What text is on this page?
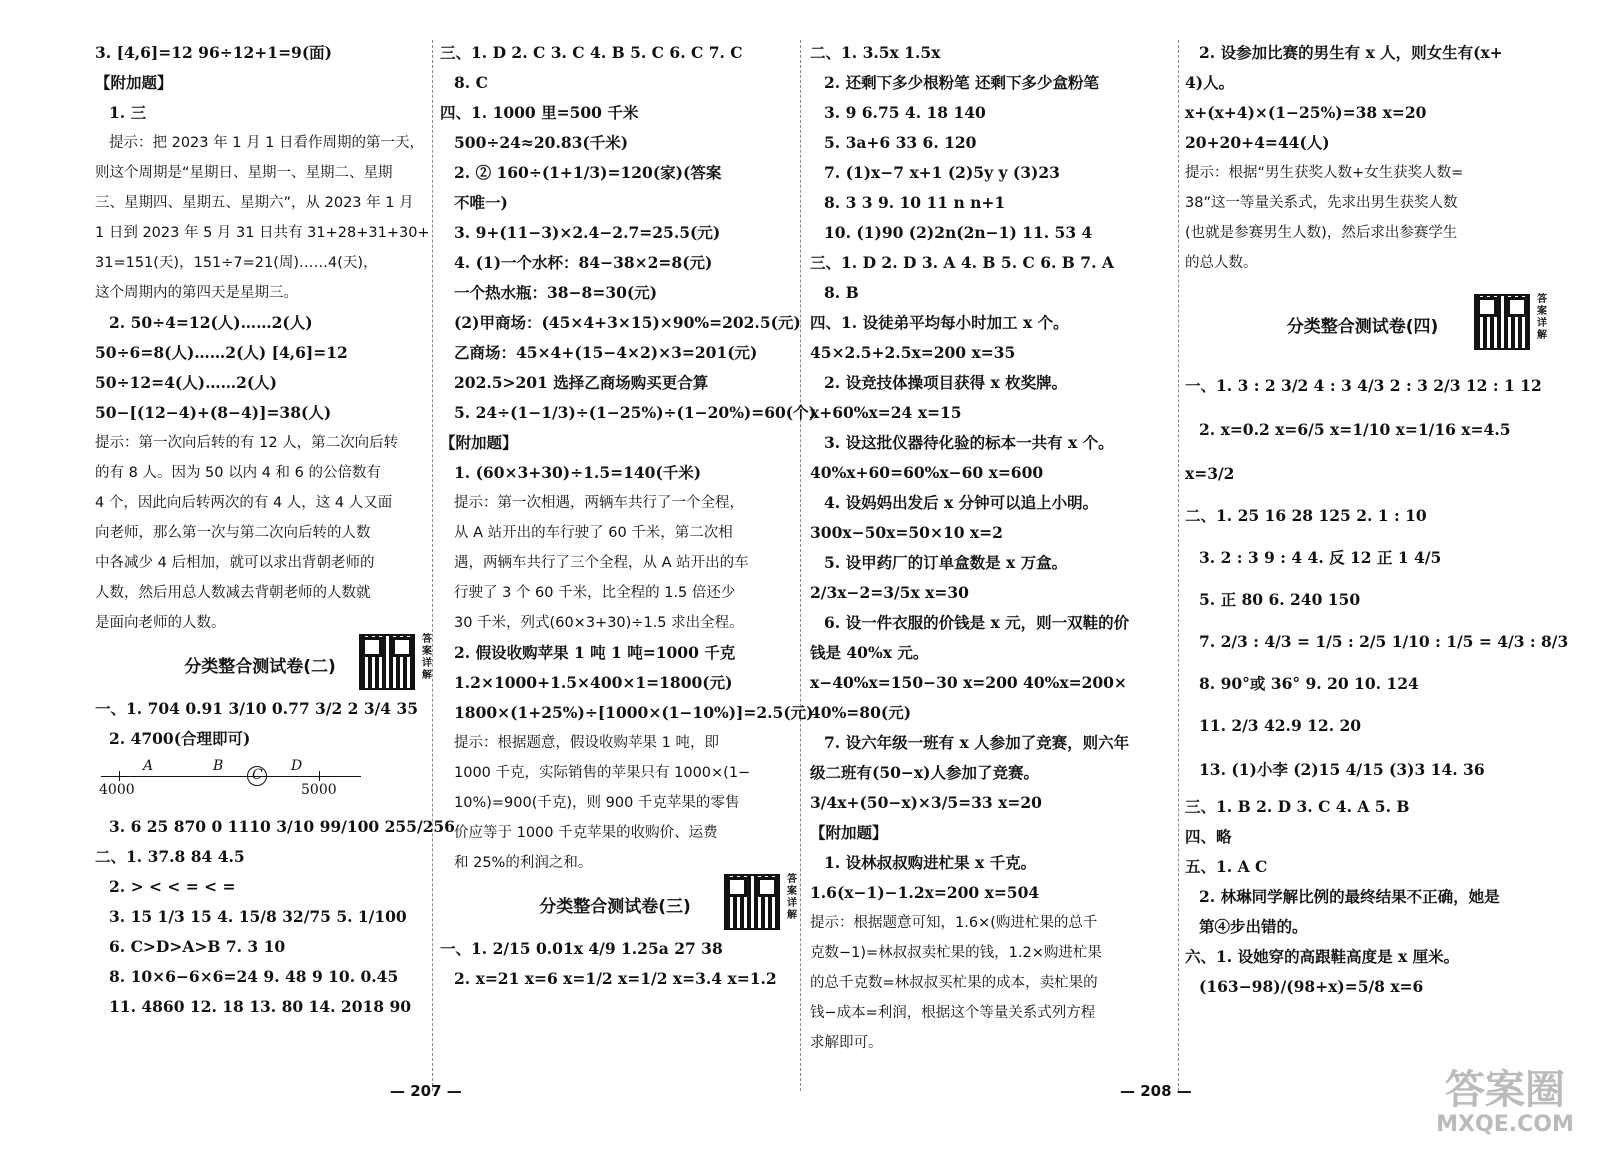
3. [4,6]=12 96÷12+1=9(面)
【附加题】
1. 三
提示：把 2023 年 1 月 1 日看作周期的第一天，
则这个周期是“星期日、星期一、星期二、星期
三、星期四、星期五、星期六”，从 2023 年 1 月
1 日到 2023 年 5 月 31 日共有 31+28+31+30+
31=151(天)，151÷7=21(周)……4(天)，
这个周期内的第四天是星期三。
2. 50÷4=12(人)……2(人)
50÷6=8(人)……2(人) [4,6]=12
50÷12=4(人)……2(人)
50−[(12−4)+(8−4)]=38(人)
提示：第一次向后转的有 12 人，第二次向后转
的有 8 人。因为 50 以内 4 和 6 的公倍数有
4 个，因此向后转两次的有 4 人，这 4 人又面
向老师，那么第一次与第二次向后转的人数
中各减少 4 后相加，就可以求出背朝老师的
人数，然后用总人数减去背朝老师的人数就
是面向老师的人数。
分类整合测试卷(二)
答案详解
一、1. 704 0.91 3/10 0.77 3/2 2 3/4 35
2. 4700(合理即可)
A	B
C
D
4000	5000
3. 6 25 870 0 1110 3/10 99/100 255/256
二、1. 37.8 84 4.5
2. > < < = < =
3. 15 1/3 15 4. 15/8 32/75 5. 1/100
6. C>D>A>B 7. 3 10
8. 10×6−6×6=24 9. 48 9 10. 0.45
11. 4860 12. 18 13. 80 14. 2018 90
三、1. D 2. C 3. C 4. B 5. C 6. C 7. C
8. C
四、1. 1000 里=500 千米
500÷24≈20.83(千米)
2. ② 160÷(1+1/3)=120(家)(答案
不唯一)
3. 9+(11−3)×2.4−2.7=25.5(元)
4. (1)一个水杯：84−38×2=8(元)
一个热水瓶：38−8=30(元)
(2)甲商场：(45×4+3×15)×90%=202.5(元)
乙商场：45×4+(15−4×2)×3=201(元)
202.5>201 选择乙商场购买更合算
5. 24÷(1−1/3)÷(1−25%)÷(1−20%)=60(个)
【附加题】
1. (60×3+30)÷1.5=140(千米)
提示：第一次相遇，两辆车共行了一个全程，
从 A 站开出的车行驶了 60 千米，第二次相
遇，两辆车共行了三个全程，从 A 站开出的车
行驶了 3 个 60 千米，比全程的 1.5 倍还少
30 千米，列式(60×3+30)÷1.5 求出全程。
2. 假设收购苹果 1 吨 1 吨=1000 千克
1.2×1000+1.5×400×1=1800(元)
1800×(1+25%)÷[1000×(1−10%)]=2.5(元)
提示：根据题意，假设收购苹果 1 吨，即
1000 千克，实际销售的苹果只有 1000×(1−
10%)=900(千克)，则 900 千克苹果的零售
价应等于 1000 千克苹果的收购价、运费
和 25%的利润之和。
分类整合测试卷(三)
答案详解
一、1. 2/15 0.01x 4/9 1.25a 27 38
2. x=21 x=6 x=1/2 x=1/2 x=3.4 x=1.2
二、1. 3.5x 1.5x
2. 还剩下多少根粉笔 还剩下多少盒粉笔
3. 9 6.75 4. 18 140
5. 3a+6 33 6. 120
7. (1)x−7 x+1 (2)5y y (3)23
8. 3 3 9. 10 11 n n+1
10. (1)90 (2)2n(2n−1) 11. 53 4
三、1. D 2. D 3. A 4. B 5. C 6. B 7. A
8. B
四、1. 设徒弟平均每小时加工 x 个。
45×2.5+2.5x=200 x=35
2. 设竞技体操项目获得 x 枚奖牌。
x+60%x=24 x=15
3. 设这批仪器待化验的标本一共有 x 个。
40%x+60=60%x−60 x=600
4. 设妈妈出发后 x 分钟可以追上小明。
300x−50x=50×10 x=2
5. 设甲药厂的订单盒数是 x 万盒。
2/3x−2=3/5x x=30
6. 设一件衣服的价钱是 x 元，则一双鞋的价
钱是 40%x 元。
x−40%x=150−30 x=200 40%x=200×
40%=80(元)
7. 设六年级一班有 x 人参加了竞赛，则六年
级二班有(50−x)人参加了竞赛。
3/4x+(50−x)×3/5=33 x=20
【附加题】
1. 设林叔叔购进杧果 x 千克。
1.6(x−1)−1.2x=200 x=504
提示：根据题意可知，1.6×(购进杧果的总千
克数−1)=林叔叔卖杧果的钱，1.2×购进杧果
的总千克数=林叔叔买杧果的成本，卖杧果的
钱−成本=利润，根据这个等量关系式列方程
求解即可。
2. 设参加比赛的男生有 x 人，则女生有(x+
4)人。
x+(x+4)×(1−25%)=38 x=20
20+20+4=44(人)
提示：根据“男生获奖人数+女生获奖人数=
38”这一等量关系式，先求出男生获奖人数
(也就是参赛男生人数)，然后求出参赛学生
的总人数。
分类整合测试卷(四)
答案详解
一、1. 3 : 2 3/2 4 : 3 4/3 2 : 3 2/3 12 : 1 12
2. x=0.2 x=6/5 x=1/10 x=1/16 x=4.5
x=3/2
二、1. 25 16 28 125 2. 1 : 10
3. 2 : 3 9 : 4 4. 反 12 正 1 4/5
5. 正 80 6. 240 150
7. 2/3 : 4/3 = 1/5 : 2/5 1/10 : 1/5 = 4/3 : 8/3
8. 90°或 36° 9. 20 10. 124
11. 2/3 42.9 12. 20
13. (1)小李 (2)15 4/15 (3)3 14. 36
三、1. B 2. D 3. C 4. A 5. B
四、略
五、1. A C
2. 林琳同学解比例的最终结果不正确，她是
第④步出错的。
六、1. 设她穿的高跟鞋高度是 x 厘米。
(163−98)/(98+x)=5/8 x=6
— 207 —	— 208 —	答案圈
MXQE.COM
